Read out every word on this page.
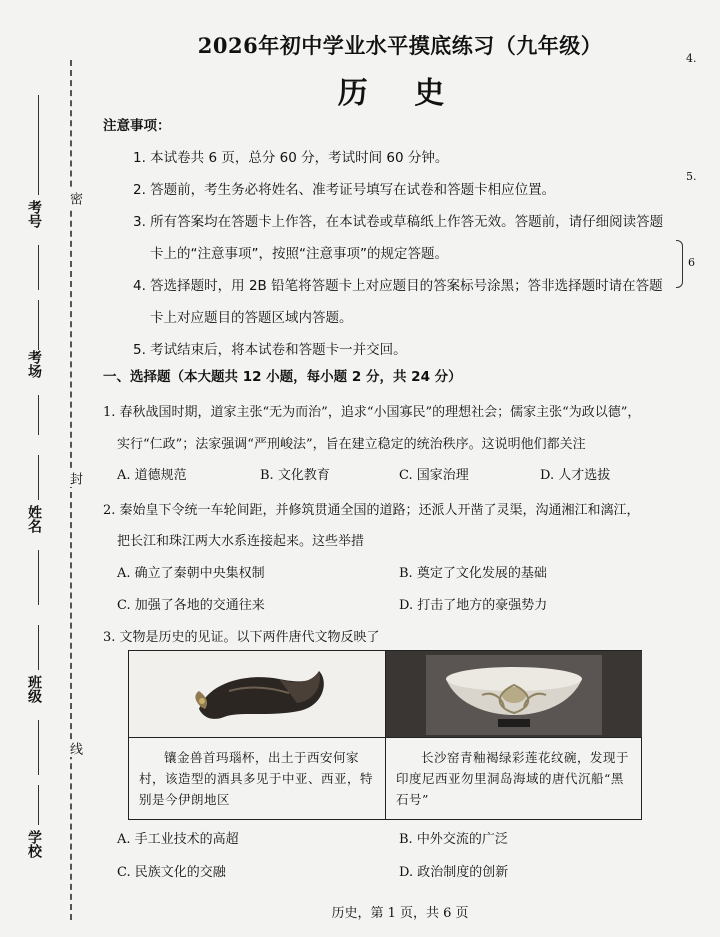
密
封
线
考号
考场
姓名
班级
学校
4.
5.
6
2026年初中学业水平摸底练习（九年级）
历 史
注意事项：
1. 本试卷共 6 页，总分 60 分，考试时间 60 分钟。
2. 答题前，考生务必将姓名、准考证号填写在试卷和答题卡相应位置。
3. 所有答案均在答题卡上作答，在本试卷或草稿纸上作答无效。答题前，请仔细阅读答题
卡上的“注意事项”，按照“注意事项”的规定答题。
4. 答选择题时，用 2B 铅笔将答题卡上对应题目的答案标号涂黑；答非选择题时请在答题
卡上对应题目的答题区域内答题。
5. 考试结束后，将本试卷和答题卡一并交回。
一、选择题（本大题共 12 小题，每小题 2 分，共 24 分）
1. 春秋战国时期，道家主张“无为而治”，追求“小国寡民”的理想社会；儒家主张“为政以德”，
实行“仁政”；法家强调“严刑峻法”，旨在建立稳定的统治秩序。这说明他们都关注
A. 道德规范	B. 文化教育	C. 国家治理	D. 人才选拔
2. 秦始皇下令统一车轮间距，并修筑贯通全国的道路；还派人开凿了灵渠，沟通湘江和漓江，
把长江和珠江两大水系连接起来。这些举措
A. 确立了秦朝中央集权制	B. 奠定了文化发展的基础
C. 加强了各地的交通往来	D. 打击了地方的豪强势力
3. 文物是历史的见证。以下两件唐代文物反映了
镶金兽首玛瑙杯，出土于西安何家村，该造型的酒具多见于中亚、西亚，特别是今伊朗地区
长沙窑青釉褐绿彩莲花纹碗，发现于印度尼西亚勿里洞岛海域的唐代沉船“黑石号”
A. 手工业技术的高超	B. 中外交流的广泛
C. 民族文化的交融	D. 政治制度的创新
历史，第 1 页，共 6 页
